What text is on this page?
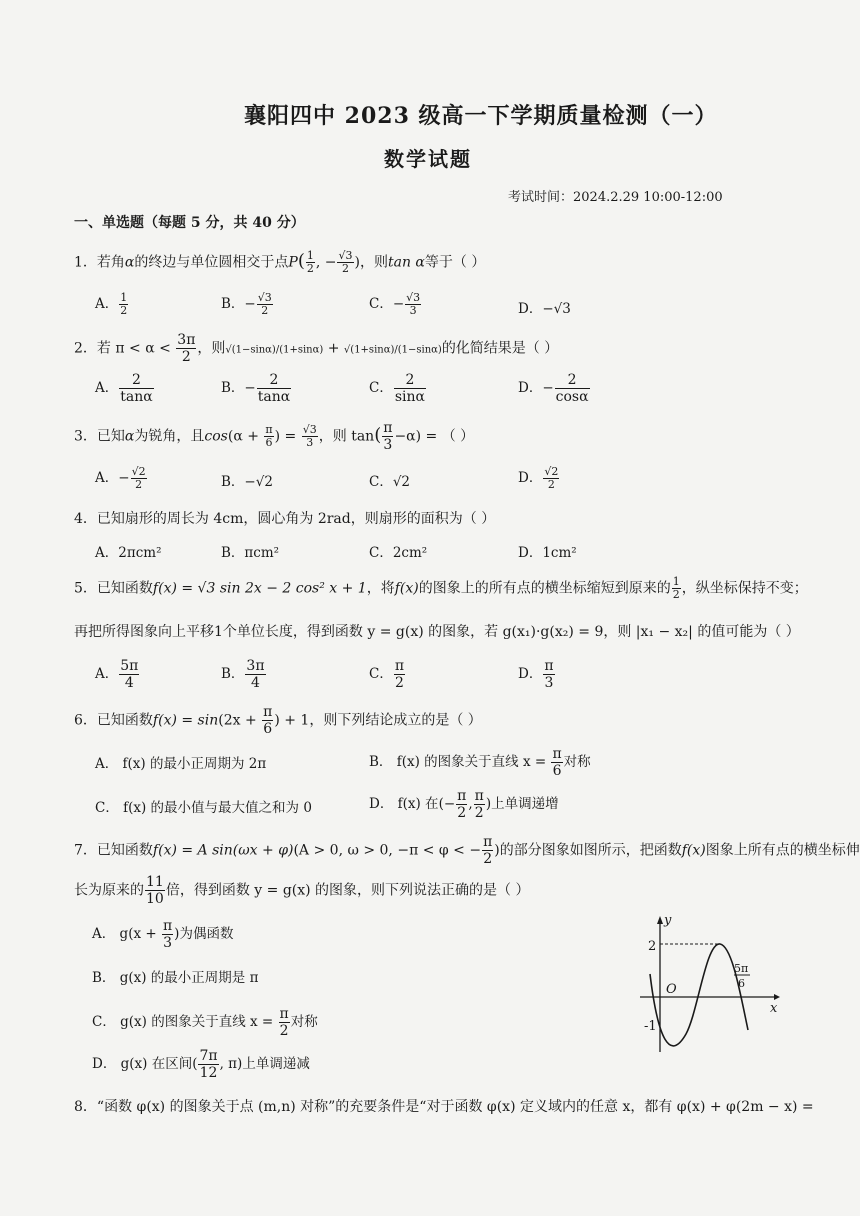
襄阳四中 2023 级高一下学期质量检测（一）
数学试题
考试时间：2024.2.29 10:00-12:00
一、单选题（每题 5 分，共 40 分）
1．若角α的终边与单位圆相交于点$P( \frac{1}{2}$ , − $\frac{√3}{2}$ )，则tan α等于（ ）
A． $\frac{1}{2}$	B．− $\frac{√3}{2}$	C．− $\frac{√3}{3}$	D．−√3
2．若 $\pi < \alpha < \frac{3\pi}{2}$ ，则√(1−sinα)/(1+sinα) + √(1+sinα)/(1−sinα)的化简结果是（ ）
A． $\frac{2}{\tan\alpha}$	B．− $\frac{2}{\tan\alpha}$	C． $\frac{2}{\sin\alpha}$	D．− $\frac{2}{\cos\alpha}$
3．已知α为锐角，且$\cos(\alpha + \frac{\pi}{6}$ ) = $\frac{√3}{3}$ ，则 $\tan( \frac{\pi}{3} -\alpha)$ = （ ）
A．− $\frac{√2}{2}$	B．−√2	C．√2	D． $\frac{√2}{2}$
4．已知扇形的周长为 4cm，圆心角为 2rad，则扇形的面积为（ ）
A．2πcm²	B．πcm²	C．2cm²	D．1cm²
5．已知函数f(x) = √3 sin 2x − 2 cos² x + 1，将f(x)的图象上的所有点的横坐标缩短到原来的 $\frac{1}{2}$ ，纵坐标保持不变；
再把所得图象向上平移1个单位长度，得到函数 y = g(x) 的图象，若 g(x₁)·g(x₂) = 9，则 |x₁ − x₂| 的值可能为（ ）
A． $\frac{5\pi}{4}$	B． $\frac{3\pi}{4}$	C． $\frac{\pi}{2}$	D． $\frac{\pi}{3}$
6．已知函数$f(x) = \sin(2x + \frac{\pi}{6}$ ) + 1，则下列结论成立的是（ ）
A． f(x) 的最小正周期为 2π	B． f(x) 的图象关于直线 $x = \frac{\pi}{6}$ 对称
C． f(x) 的最小值与最大值之和为 0	D． f(x) 在(− $\frac{\pi}{2}$ , $\frac{\pi}{2}$ )上单调递增
7．已知函数f(x) = A sin(ωx + φ)(A > 0, ω > 0, −π < φ < − $\frac{\pi}{2}$ )的部分图象如图所示，把函数f(x)图象上所有点的横坐标伸
长为原来的 $\frac{11}{10}$ 倍，得到函数 y = g(x) 的图象，则下列说法正确的是（ ）
A． $g(x + \frac{\pi}{3}$ )为偶函数
B． g(x) 的最小正周期是 π
C． g(x) 的图象关于直线 $x = \frac{\pi}{2}$ 对称
D． g(x) 在区间( $\frac{7\pi}{12}$ , π)上单调递减
y
x
O
2
-1
5π
6
8．“函数 φ(x) 的图象关于点 (m,n) 对称”的充要条件是“对于函数 φ(x) 定义域内的任意 x，都有 φ(x) + φ(2m − x) =
